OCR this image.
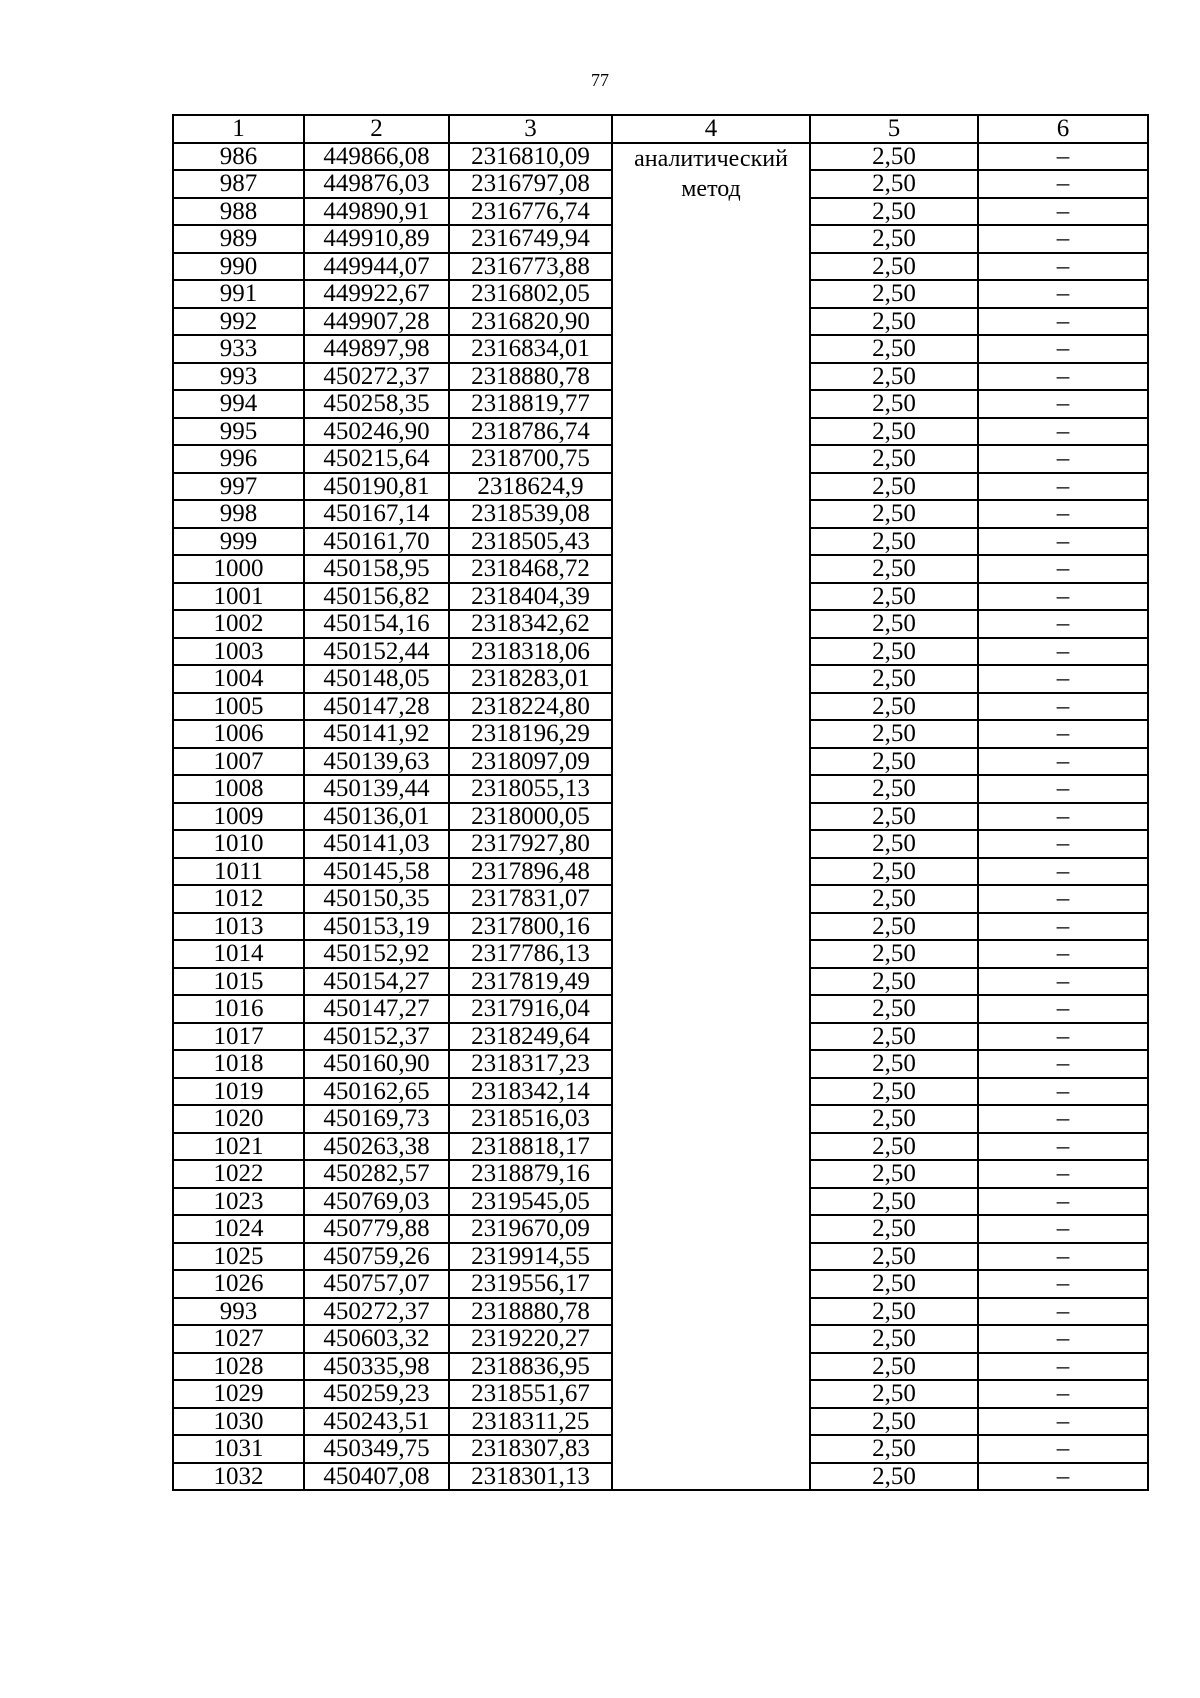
77
1	2	3	4	5	6
986	449866,08	2316810,09	аналитический метод	2,50	–
987	449876,03	2316797,08		2,50	–
988	449890,91	2316776,74		2,50	–
989	449910,89	2316749,94		2,50	–
990	449944,07	2316773,88		2,50	–
991	449922,67	2316802,05		2,50	–
992	449907,28	2316820,90		2,50	–
933	449897,98	2316834,01		2,50	–
993	450272,37	2318880,78		2,50	–
994	450258,35	2318819,77		2,50	–
995	450246,90	2318786,74		2,50	–
996	450215,64	2318700,75		2,50	–
997	450190,81	2318624,9		2,50	–
998	450167,14	2318539,08		2,50	–
999	450161,70	2318505,43		2,50	–
1000	450158,95	2318468,72		2,50	–
1001	450156,82	2318404,39		2,50	–
1002	450154,16	2318342,62		2,50	–
1003	450152,44	2318318,06		2,50	–
1004	450148,05	2318283,01		2,50	–
1005	450147,28	2318224,80		2,50	–
1006	450141,92	2318196,29		2,50	–
1007	450139,63	2318097,09		2,50	–
1008	450139,44	2318055,13		2,50	–
1009	450136,01	2318000,05		2,50	–
1010	450141,03	2317927,80		2,50	–
1011	450145,58	2317896,48		2,50	–
1012	450150,35	2317831,07		2,50	–
1013	450153,19	2317800,16		2,50	–
1014	450152,92	2317786,13		2,50	–
1015	450154,27	2317819,49		2,50	–
1016	450147,27	2317916,04		2,50	–
1017	450152,37	2318249,64		2,50	–
1018	450160,90	2318317,23		2,50	–
1019	450162,65	2318342,14		2,50	–
1020	450169,73	2318516,03		2,50	–
1021	450263,38	2318818,17		2,50	–
1022	450282,57	2318879,16		2,50	–
1023	450769,03	2319545,05		2,50	–
1024	450779,88	2319670,09		2,50	–
1025	450759,26	2319914,55		2,50	–
1026	450757,07	2319556,17		2,50	–
993	450272,37	2318880,78		2,50	–
1027	450603,32	2319220,27		2,50	–
1028	450335,98	2318836,95		2,50	–
1029	450259,23	2318551,67		2,50	–
1030	450243,51	2318311,25		2,50	–
1031	450349,75	2318307,83		2,50	–
1032	450407,08	2318301,13		2,50	–
